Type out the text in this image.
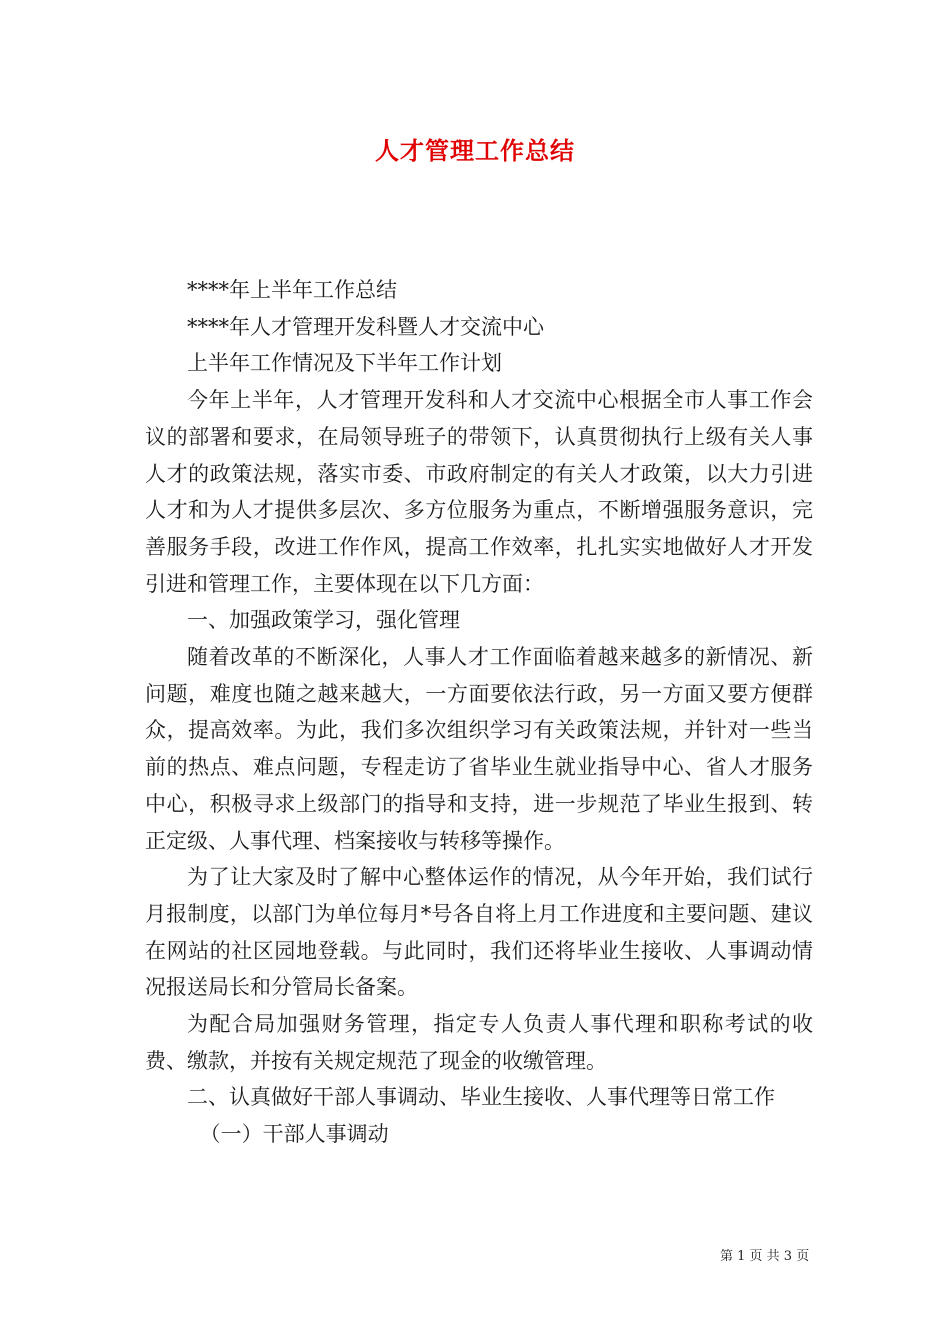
人才管理工作总结

****年上半年工作总结

****年人才管理开发科暨人才交流中心

上半年工作情况及下半年工作计划

今年上半年，人才管理开发科和人才交流中心根据全市人事工作会议的部署和要求，在局领导班子的带领下，认真贯彻执行上级有关人事人才的政策法规，落实市委、市政府制定的有关人才政策，以大力引进人才和为人才提供多层次、多方位服务为重点，不断增强服务意识，完善服务手段，改进工作作风，提高工作效率，扎扎实实地做好人才开发引进和管理工作，主要体现在以下几方面：

一、加强政策学习，强化管理

随着改革的不断深化，人事人才工作面临着越来越多的新情况、新问题，难度也随之越来越大，一方面要依法行政，另一方面又要方便群众，提高效率。为此，我们多次组织学习有关政策法规，并针对一些当前的热点、难点问题，专程走访了省毕业生就业指导中心、省人才服务中心，积极寻求上级部门的指导和支持，进一步规范了毕业生报到、转正定级、人事代理、档案接收与转移等操作。

为了让大家及时了解中心整体运作的情况，从今年开始，我们试行月报制度，以部门为单位每月*号各自将上月工作进度和主要问题、建议在网站的社区园地登载。与此同时，我们还将毕业生接收、人事调动情况报送局长和分管局长备案。

为配合局加强财务管理，指定专人负责人事代理和职称考试的收费、缴款，并按有关规定规范了现金的收缴管理。

二、认真做好干部人事调动、毕业生接收、人事代理等日常工作

（一）干部人事调动

第 1 页 共 3 页
